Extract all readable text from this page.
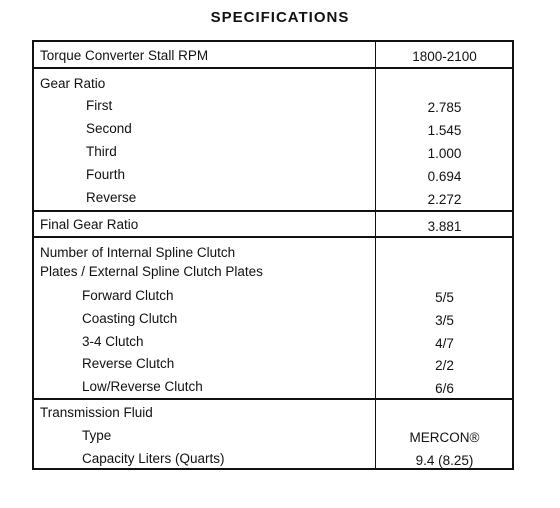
SPECIFICATIONS
Torque Converter Stall RPM	1800-2100
Gear Ratio
First	2.785
Second	1.545
Third	1.000
Fourth	0.694
Reverse	2.272
Final Gear Ratio	3.881
Number of Internal Spline Clutch
Plates / External Spline Clutch Plates
Forward Clutch	5/5
Coasting Clutch	3/5
3-4 Clutch	4/7
Reverse Clutch	2/2
Low/Reverse Clutch	6/6
Transmission Fluid
Type	MERCON®
Capacity Liters (Quarts)	9.4 (8.25)
